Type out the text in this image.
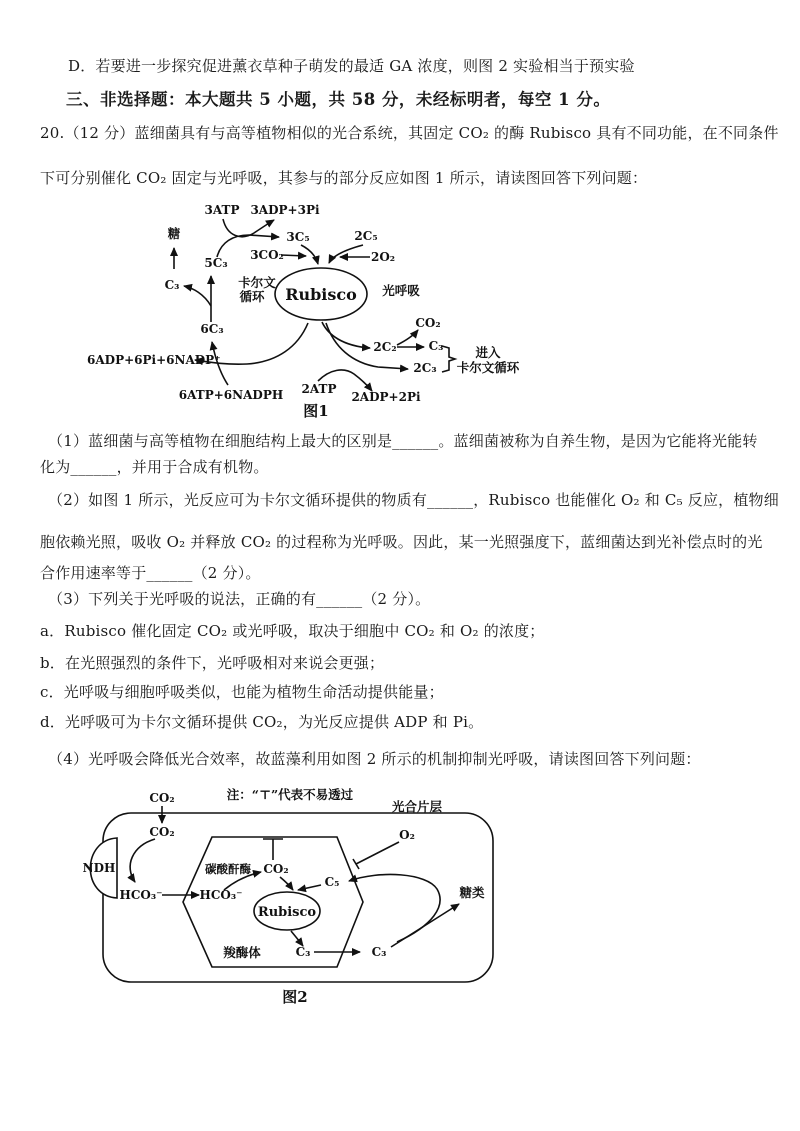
D．若要进一步探究促进薰衣草种子萌发的最适 GA 浓度，则图 2 实验相当于预实验
三、非选择题：本大题共 5 小题，共 58 分，未经标明者，每空 1 分。
20.（12 分）蓝细菌具有与高等植物相似的光合系统，其固定 CO₂ 的酶 Rubisco 具有不同功能，在不同条件
下可分别催化 CO₂ 固定与光呼吸，其参与的部分反应如图 1 所示，请读图回答下列问题：
（1）蓝细菌与高等植物在细胞结构上最大的区别是______。蓝细菌被称为自养生物，是因为它能将光能转
化为______，并用于合成有机物。
（2）如图 1 所示，光反应可为卡尔文循环提供的物质有______，Rubisco 也能催化 O₂ 和 C₅ 反应，植物细
胞依赖光照，吸收 O₂ 并释放 CO₂ 的过程称为光呼吸。因此，某一光照强度下，蓝细菌达到光补偿点时的光
合作用速率等于______（2 分）。
（3）下列关于光呼吸的说法，正确的有______（2 分）。
a．Rubisco 催化固定 CO₂ 或光呼吸，取决于细胞中 CO₂ 和 O₂ 的浓度；
b．在光照强烈的条件下，光呼吸相对来说会更强；
c．光呼吸与细胞呼吸类似，也能为植物生命活动提供能量；
d．光呼吸可为卡尔文循环提供 CO₂，为光反应提供 ADP 和 Pi。
（4）光呼吸会降低光合效率，故蓝藻利用如图 2 所示的机制抑制光呼吸，请读图回答下列问题：
3ATP 3ADP+3Pi
糖	3C₅	2C₅
3CO₂	2O₂
5C₃
C₃	卡尔文
循环 Rubisco 光呼吸
6C₃	CO₂
2C₂	C₃
2C₃
进入
卡尔文循环
6ADP+6Pi+6NADP⁺
6ATP+6NADPH 2ATP
2ADP+2Pi
图1
注：“⊤”代表不易透过
CO₂
光合片层
CO₂
NDH
O₂
碳酸酐酶 CO₂
C₅
HCO₃⁻	HCO₃⁻
Rubisco
糖类
C₃	C₃
羧酶体
图2
